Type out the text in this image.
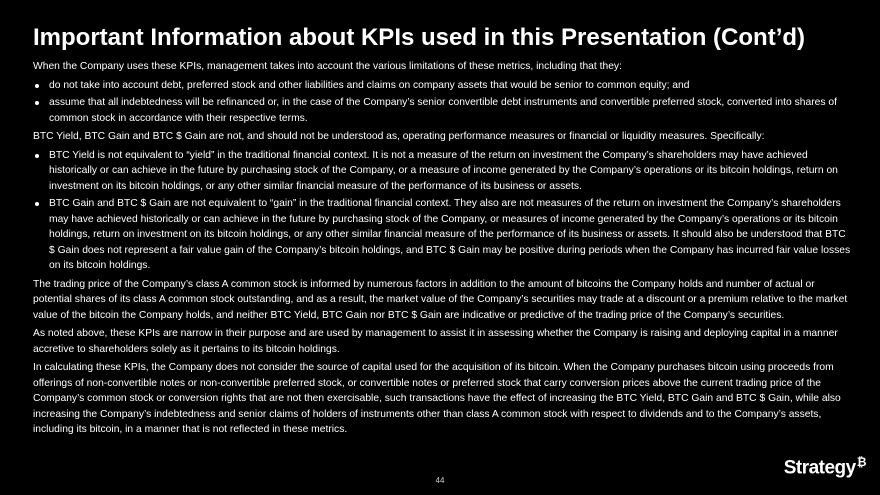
Important Information about KPIs used in this Presentation (Cont’d)

When the Company uses these KPIs, management takes into account the various limitations of these metrics, including that they:

do not take into account debt, preferred stock and other liabilities and claims on company assets that would be senior to common equity; and
assume that all indebtedness will be refinanced or, in the case of the Company’s senior convertible debt instruments and convertible preferred stock, converted into shares of common stock in accordance with their respective terms.

BTC Yield, BTC Gain and BTC $ Gain are not, and should not be understood as, operating performance measures or financial or liquidity measures. Specifically:

BTC Yield is not equivalent to “yield” in the traditional financial context. It is not a measure of the return on investment the Company’s shareholders may have achieved historically or can achieve in the future by purchasing stock of the Company, or a measure of income generated by the Company’s operations or its bitcoin holdings, return on investment on its bitcoin holdings, or any other similar financial measure of the performance of its business or assets.
BTC Gain and BTC $ Gain are not equivalent to “gain” in the traditional financial context. They also are not measures of the return on investment the Company’s shareholders may have achieved historically or can achieve in the future by purchasing stock of the Company, or measures of income generated by the Company’s operations or its bitcoin holdings, return on investment on its bitcoin holdings, or any other similar financial measure of the performance of its business or assets. It should also be understood that BTC $ Gain does not represent a fair value gain of the Company’s bitcoin holdings, and BTC $ Gain may be positive during periods when the Company has incurred fair value losses on its bitcoin holdings.

The trading price of the Company’s class A common stock is informed by numerous factors in addition to the amount of bitcoins the Company holds and number of actual or potential shares of its class A common stock outstanding, and as a result, the market value of the Company’s securities may trade at a discount or a premium relative to the market value of the bitcoin the Company holds, and neither BTC Yield, BTC Gain nor BTC $ Gain are indicative or predictive of the trading price of the Company’s securities.

As noted above, these KPIs are narrow in their purpose and are used by management to assist it in assessing whether the Company is raising and deploying capital in a manner accretive to shareholders solely as it pertains to its bitcoin holdings.

In calculating these KPIs, the Company does not consider the source of capital used for the acquisition of its bitcoin. When the Company purchases bitcoin using proceeds from offerings of non-convertible notes or non-convertible preferred stock, or convertible notes or preferred stock that carry conversion prices above the current trading price of the Company’s common stock or conversion rights that are not then exercisable, such transactions have the effect of increasing the BTC Yield, BTC Gain and BTC $ Gain, while also increasing the Company’s indebtedness and senior claims of holders of instruments other than class A common stock with respect to dividends and to the Company’s assets, including its bitcoin, in a manner that is not reflected in these metrics.

44
Strategy₿
